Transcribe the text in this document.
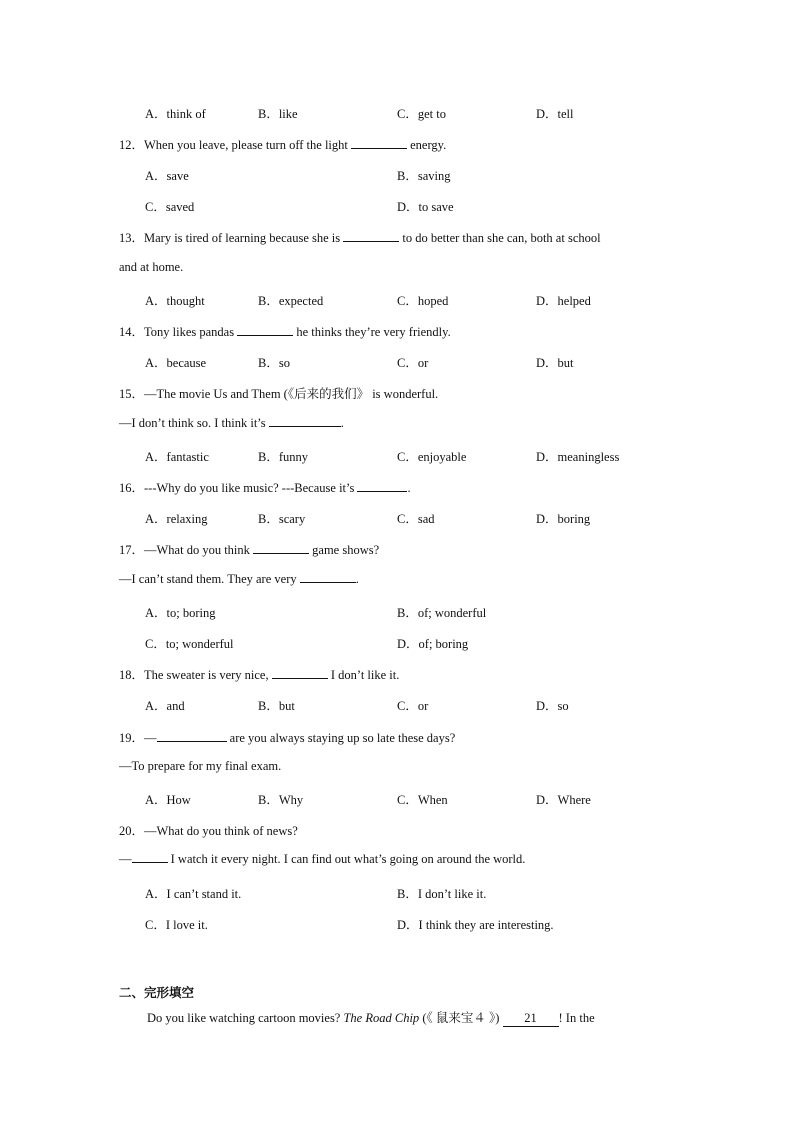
A．think of	B．like	C．get to	D．tell
12．When you leave, please turn off the light	energy.
A．save	B．saving
C．saved	D．to save
13．Mary is tired of learning because she is	to do better than she can, both at school
and at home.
A．thought	B．expected	C．hoped	D．helped
14．Tony likes pandas	he thinks they’re very friendly.
A．because	B．so	C．or	D．but
15．—The movie Us and Them (《后来的我们》 is wonderful.
—I don’t think so. I think it’s	.
A．fantastic	B．funny	C．enjoyable	D．meaningless
16．---Why do you like music? ---Because it’s	.
A．relaxing	B．scary	C．sad	D．boring
17．—What do you think	game shows?
—I can’t stand them. They are very	.
A．to; boring	B．of; wonderful
C．to; wonderful	D．of; boring
18．The sweater is very nice,	I don’t like it.
A．and	B．but	C．or	D．so
19．—	are you always staying up so late these days?
—To prepare for my final exam.
A．How	B．Why	C．When	D．Where
20．—What do you think of news?
—	I watch it every night. I can find out what’s going on around the world.
A．I can’t stand it.	B．I don’t like it.
C．I love it.	D．I think they are interesting.
二、完形填空
Do you like watching cartoon movies? The Road Chip (《 鼠来宝４ 》) 21 ! In the
